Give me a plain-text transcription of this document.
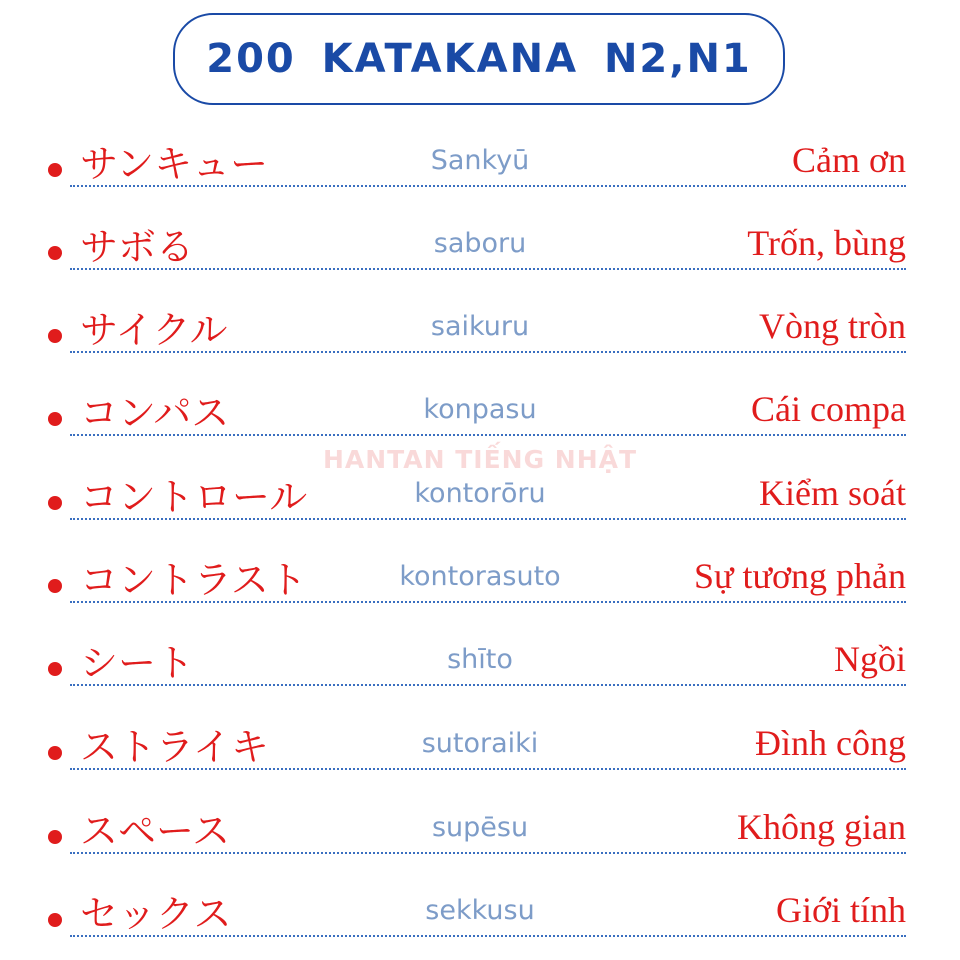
200 KATAKANA N2,N1
サンキュー	Sankyū	Cảm ơn
サボる	saboru	Trốn, bùng
サイクル	saikuru	Vòng tròn
コンパス	konpasu	Cái compa
コントロール	kontorōru	Kiểm soát
コントラスト	kontorasuto	Sự tương phản
シート	shīto	Ngồi
ストライキ	sutoraiki	Đình công
スペース	supēsu	Không gian
セックス	sekkusu	Giới tính
HANTAN TIẾNG NHẬT
